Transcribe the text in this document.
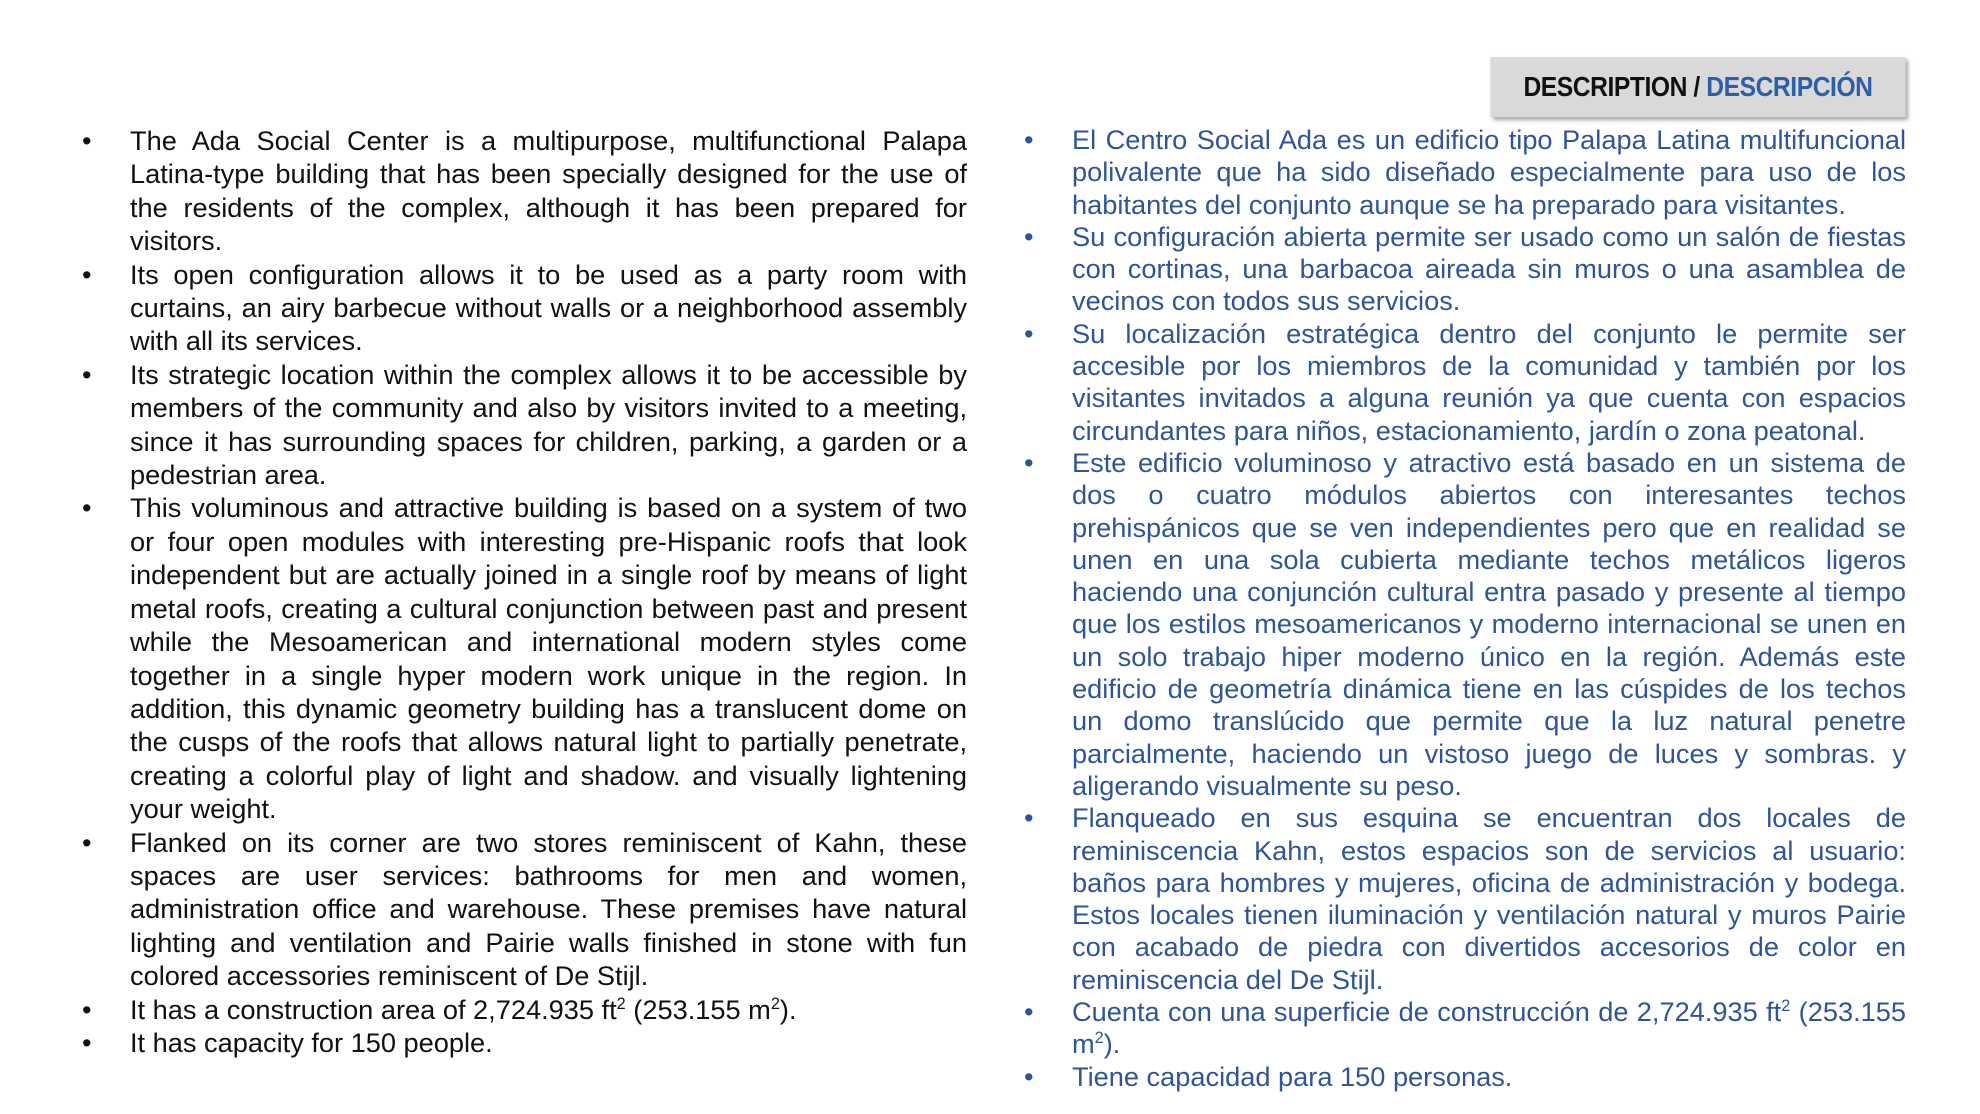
DESCRIPTION / DESCRIPCIÓN
•	The Ada Social Center is a multipurpose, multifunctional Palapa Latina-type building that has been specially designed for the use of the residents of the complex, although it has been prepared for visitors.
•	Its open configuration allows it to be used as a party room with curtains, an airy barbecue without walls or a neighborhood assembly with all its services.
•	Its strategic location within the complex allows it to be accessible by members of the community and also by visitors invited to a meeting, since it has surrounding spaces for children, parking, a garden or a pedestrian area.
•	This voluminous and attractive building is based on a system of two or four open modules with interesting pre-Hispanic roofs that look independent but are actually joined in a single roof by means of light metal roofs, creating a cultural conjunction between past and present while the Mesoamerican and international modern styles come together in a single hyper modern work unique in the region. In addition, this dynamic geometry building has a translucent dome on the cusps of the roofs that allows natural light to partially penetrate, creating a colorful play of light and shadow. and visually lightening your weight.
•	Flanked on its corner are two stores reminiscent of Kahn, these spaces are user services: bathrooms for men and women, administration office and warehouse. These premises have natural lighting and ventilation and Pairie walls finished in stone with fun colored accessories reminiscent of De Stijl.
•	It has a construction area of 2,724.935 $ft^2$ (253.155 $m^2$).
•	It has capacity for 150 people.
•	El Centro Social Ada es un edificio tipo Palapa Latina multifuncional polivalente que ha sido diseñado especialmente para uso de los habitantes del conjunto aunque se ha preparado para visitantes.
•	Su configuración abierta permite ser usado como un salón de fiestas con cortinas, una barbacoa aireada sin muros o una asamblea de vecinos con todos sus servicios.
•	Su localización estratégica dentro del conjunto le permite ser accesible por los miembros de la comunidad y también por los visitantes invitados a alguna reunión ya que cuenta con espacios circundantes para niños, estacionamiento, jardín o zona peatonal.
•	Este edificio voluminoso y atractivo está basado en un sistema de dos o cuatro módulos abiertos con interesantes techos prehispánicos que se ven independientes pero que en realidad se unen en una sola cubierta mediante techos metálicos ligeros haciendo una conjunción cultural entra pasado y presente al tiempo que los estilos mesoamericanos y moderno internacional se unen en un solo trabajo hiper moderno único en la región. Además este edificio de geometría dinámica tiene en las cúspides de los techos un domo translúcido que permite que la luz natural penetre parcialmente, haciendo un vistoso juego de luces y sombras. y aligerando visualmente su peso.
•	Flanqueado en sus esquina se encuentran dos locales de reminiscencia Kahn, estos espacios son de servicios al usuario: baños para hombres y mujeres, oficina de administración y bodega. Estos locales tienen iluminación y ventilación natural y muros Pairie con acabado de piedra con divertidos accesorios de color en reminiscencia del De Stijl.
•	Cuenta con una superficie de construcción de 2,724.935 $ft^2$ (253.155 $m^2$).
•	Tiene capacidad para 150 personas.
